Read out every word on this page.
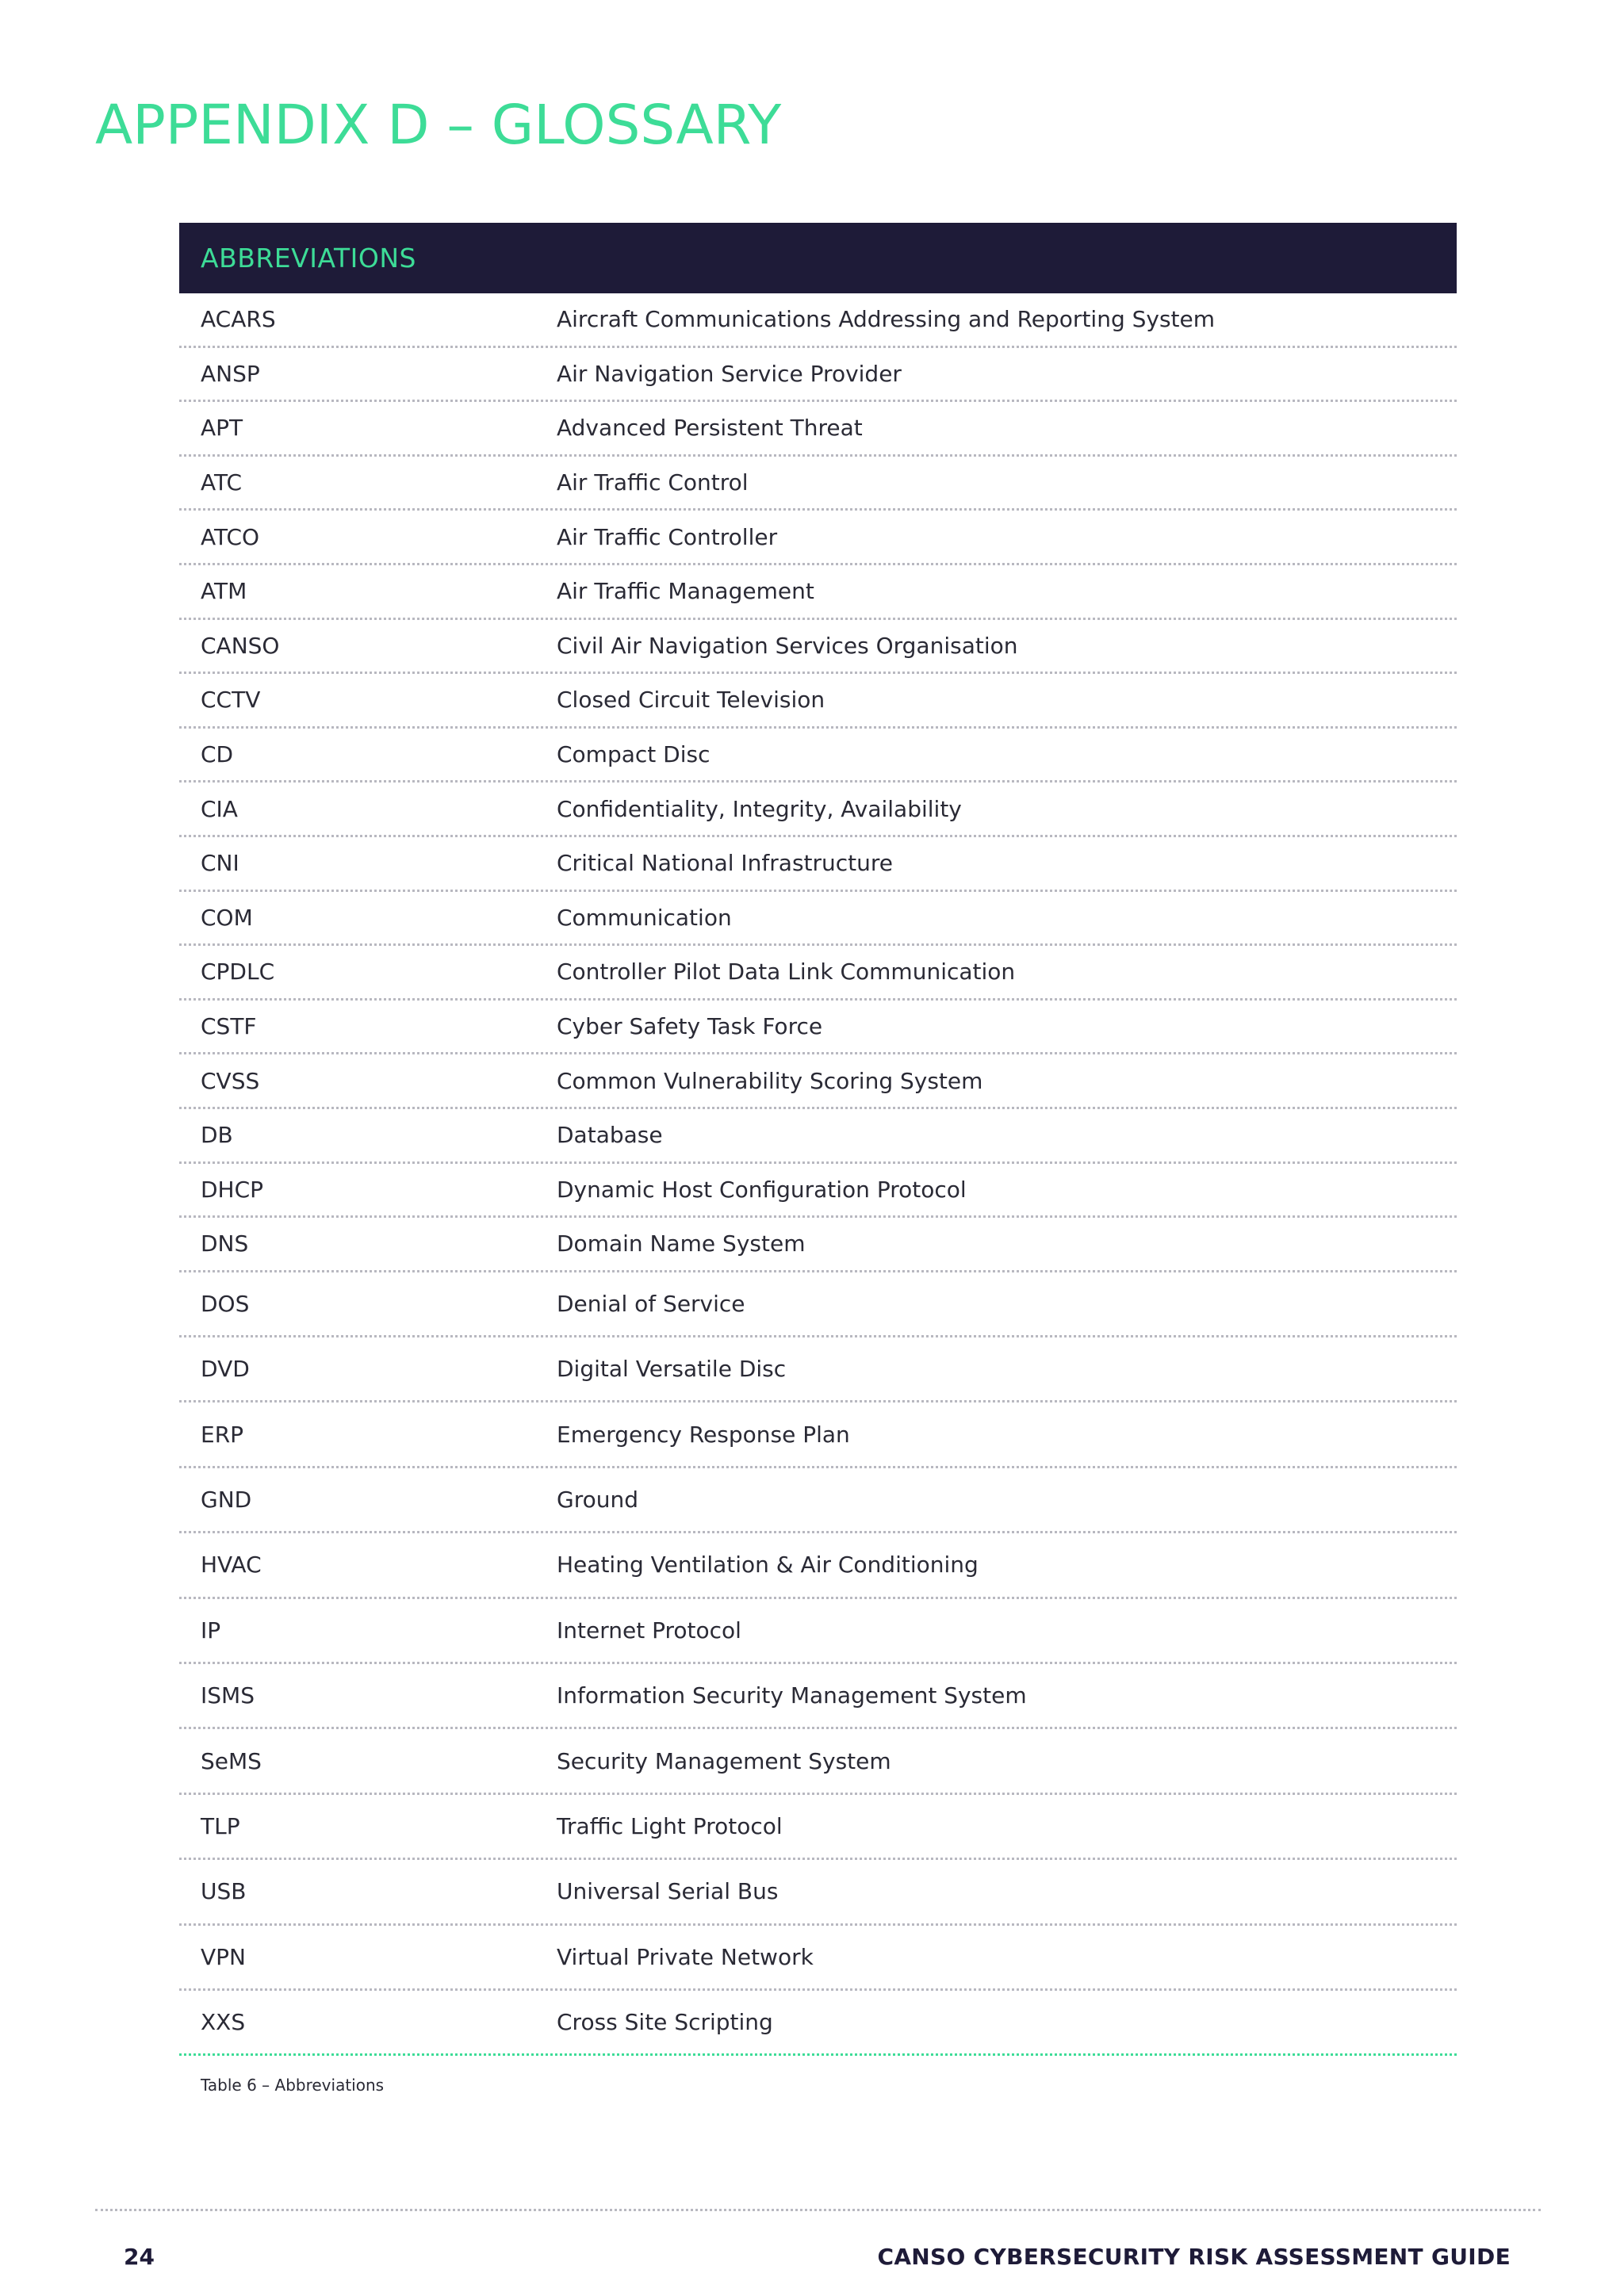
APPENDIX D – GLOSSARY
ABBREVIATIONS
ACARS	Aircraft Communications Addressing and Reporting System
ANSP	Air Navigation Service Provider
APT	Advanced Persistent Threat
ATC	Air Traffic Control
ATCO	Air Traffic Controller
ATM	Air Traffic Management
CANSO	Civil Air Navigation Services Organisation
CCTV	Closed Circuit Television
CD	Compact Disc
CIA	Confidentiality, Integrity, Availability
CNI	Critical National Infrastructure
COM	Communication
CPDLC	Controller Pilot Data Link Communication
CSTF	Cyber Safety Task Force
CVSS	Common Vulnerability Scoring System
DB	Database
DHCP	Dynamic Host Configuration Protocol
DNS	Domain Name System
DOS	Denial of Service
DVD	Digital Versatile Disc
ERP	Emergency Response Plan
GND	Ground
HVAC	Heating Ventilation & Air Conditioning
IP	Internet Protocol
ISMS	Information Security Management System
SeMS	Security Management System
TLP	Traffic Light Protocol
USB	Universal Serial Bus
VPN	Virtual Private Network
XXS	Cross Site Scripting
Table 6 – Abbreviations
24	CANSO CYBERSECURITY RISK ASSESSMENT GUIDE
